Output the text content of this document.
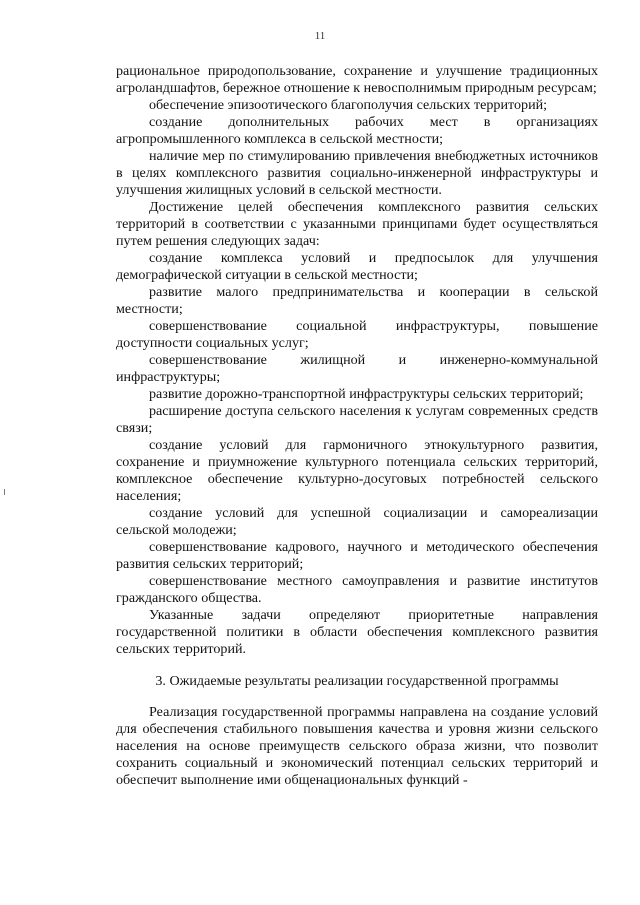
11

рациональное природопользование, сохранение и улучшение традиционных агроландшафтов, бережное отношение к невосполнимым природным ресурсам;

обеспечение эпизоотического благополучия сельских территорий;

создание дополнительных рабочих мест в организациях агропромышленного комплекса в сельской местности;

наличие мер по стимулированию привлечения внебюджетных источников в целях комплексного развития социально-инженерной инфраструктуры и улучшения жилищных условий в сельской местности.

Достижение целей обеспечения комплексного развития сельских территорий в соответствии с указанными принципами будет осуществляться путем решения следующих задач:

создание комплекса условий и предпосылок для улучшения демографической ситуации в сельской местности;

развитие малого предпринимательства и кооперации в сельской местности;

совершенствование социальной инфраструктуры, повышение доступности социальных услуг;

совершенствование жилищной и инженерно-коммунальной инфраструктуры;

развитие дорожно-транспортной инфраструктуры сельских территорий;

расширение доступа сельского населения к услугам современных средств связи;

создание условий для гармоничного этнокультурного развития, сохранение и приумножение культурного потенциала сельских территорий, комплексное обеспечение культурно-досуговых потребностей сельского населения;

создание условий для успешной социализации и самореализации сельской молодежи;

совершенствование кадрового, научного и методического обеспечения развития сельских территорий;

совершенствование местного самоуправления и развитие институтов гражданского общества.

Указанные задачи определяют приоритетные направления государственной политики в области обеспечения комплексного развития сельских территорий.

3. Ожидаемые результаты реализации государственной программы

Реализация государственной программы направлена на создание условий для обеспечения стабильного повышения качества и уровня жизни сельского населения на основе преимуществ сельского образа жизни, что позволит сохранить социальный и экономический потенциал сельских территорий и обеспечит выполнение ими общенациональных функций -
